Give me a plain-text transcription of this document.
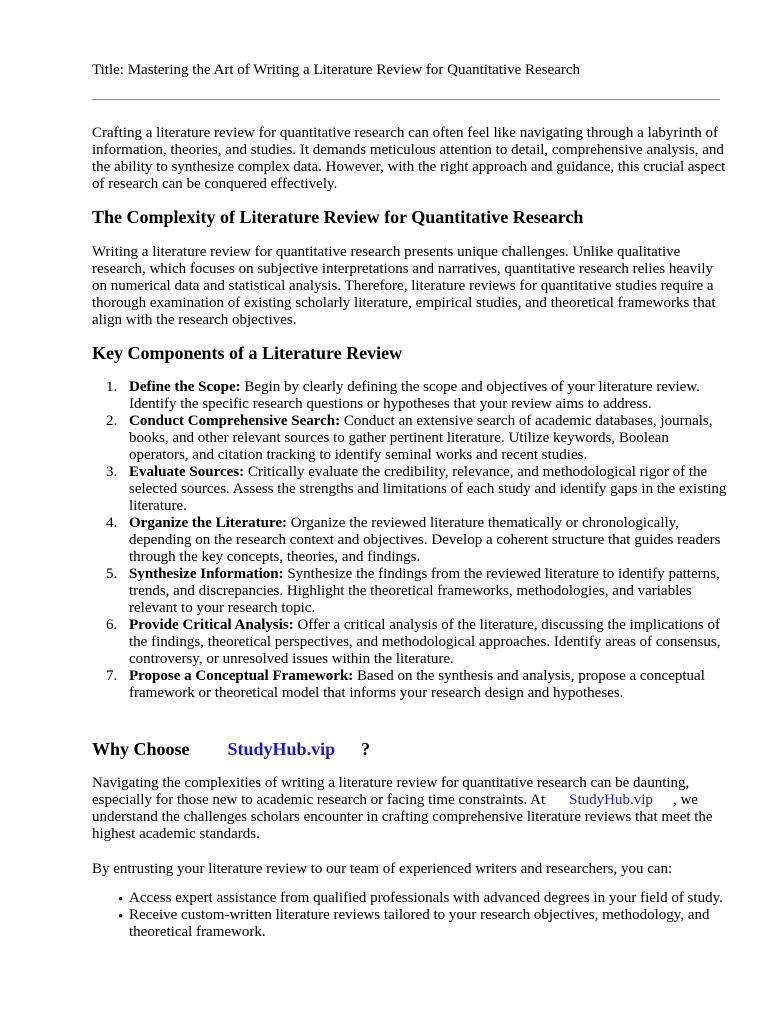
Title: Mastering the Art of Writing a Literature Review for Quantitative Research

Crafting a literature review for quantitative research can often feel like navigating through a labyrinth of information, theories, and studies. It demands meticulous attention to detail, comprehensive analysis, and the ability to synthesize complex data. However, with the right approach and guidance, this crucial aspect of research can be conquered effectively.

The Complexity of Literature Review for Quantitative Research

Writing a literature review for quantitative research presents unique challenges. Unlike qualitative research, which focuses on subjective interpretations and narratives, quantitative research relies heavily on numerical data and statistical analysis. Therefore, literature reviews for quantitative studies require a thorough examination of existing scholarly literature, empirical studies, and theoretical frameworks that align with the research objectives.

Key Components of a Literature Review
1. Define the Scope: Begin by clearly defining the scope and objectives of your literature review. Identify the specific research questions or hypotheses that your review aims to address.
2. Conduct Comprehensive Search: Conduct an extensive search of academic databases, journals, books, and other relevant sources to gather pertinent literature. Utilize keywords, Boolean operators, and citation tracking to identify seminal works and recent studies.
3. Evaluate Sources: Critically evaluate the credibility, relevance, and methodological rigor of the selected sources. Assess the strengths and limitations of each study and identify gaps in the existing literature.
4. Organize the Literature: Organize the reviewed literature thematically or chronologically, depending on the research context and objectives. Develop a coherent structure that guides readers through the key concepts, theories, and findings.
5. Synthesize Information: Synthesize the findings from the reviewed literature to identify patterns, trends, and discrepancies. Highlight the theoretical frameworks, methodologies, and variables relevant to your research topic.
6. Provide Critical Analysis: Offer a critical analysis of the literature, discussing the implications of the findings, theoretical perspectives, and methodological approaches. Identify areas of consensus, controversy, or unresolved issues within the literature.
7. Propose a Conceptual Framework: Based on the synthesis and analysis, propose a conceptual framework or theoretical model that informs your research design and hypotheses.
Why Choose StudyHub.vip ?

Navigating the complexities of writing a literature review for quantitative research can be daunting, especially for those new to academic research or facing time constraints. At StudyHub.vip , we understand the challenges scholars encounter in crafting comprehensive literature reviews that meet the highest academic standards.

By entrusting your literature review to our team of experienced writers and researchers, you can:

• Access expert assistance from qualified professionals with advanced degrees in your field of study.
• Receive custom-written literature reviews tailored to your research objectives, methodology, and theoretical framework.
